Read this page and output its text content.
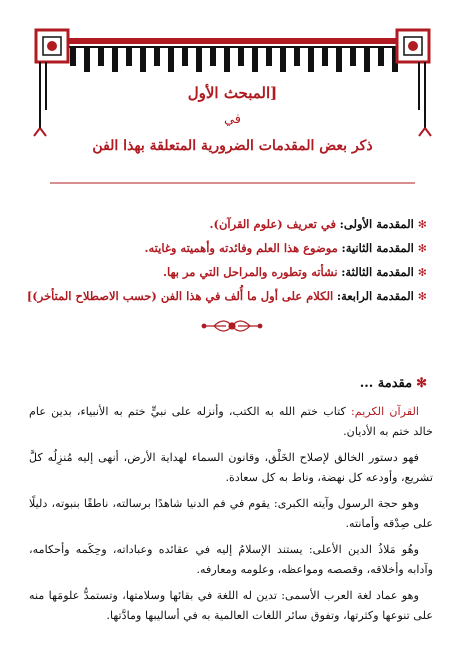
[المبحث الأول
في
ذكر بعض المقدمات الضرورية المتعلقة بهذا الفن
✻المقدمة الأولى: في تعريف (علوم القرآن).
✻المقدمة الثانية: موضوع هذا العلم وفائدته وأهميته وغايته.
✻المقدمة الثالثة: نشأته وتطوره والمراحل التي مر بها.
✻المقدمة الرابعة: الكلام على أول ما أُلف في هذا الفن (حسب الاصطلاح المتأخر)]
✻مقدمة ...

القرآن الكريم: كتاب ختم الله به الكتب، وأنزله على نبيٍّ ختم به الأنبياء، بدين عام خالد ختم به الأديان.

فهو دستور الخالق لإصلاح الخَلْق، وقانون السماء لهداية الأرض، أنهى إليه مُنزِلُه كلَّ تشريع، وأودعه كل نهضة، وناط به كل سعادة.

وهو حجة الرسول وآيته الكبرى: يقوم في فم الدنيا شاهدًا برسالته، ناطقًا بنبوته، دليلًا على صِدْقه وأمانته.

وهُو مَلاذُ الدين الأعلى: يستند الإسلامُ إليه في عقائده وعباداته، وحِكَمه وأحكامه، وآدابه وأخلاقه، وقصصه ومواعظه، وعلومه ومعارفه.

وهو عماد لغة العرب الأسمى: تدين له اللغة في بقائها وسلامتها، وتستمدُّ علومَها منه على تنوعها وكثرتها، وتفوق سائر اللغات العالمية به في أساليبها ومادَّتها.
